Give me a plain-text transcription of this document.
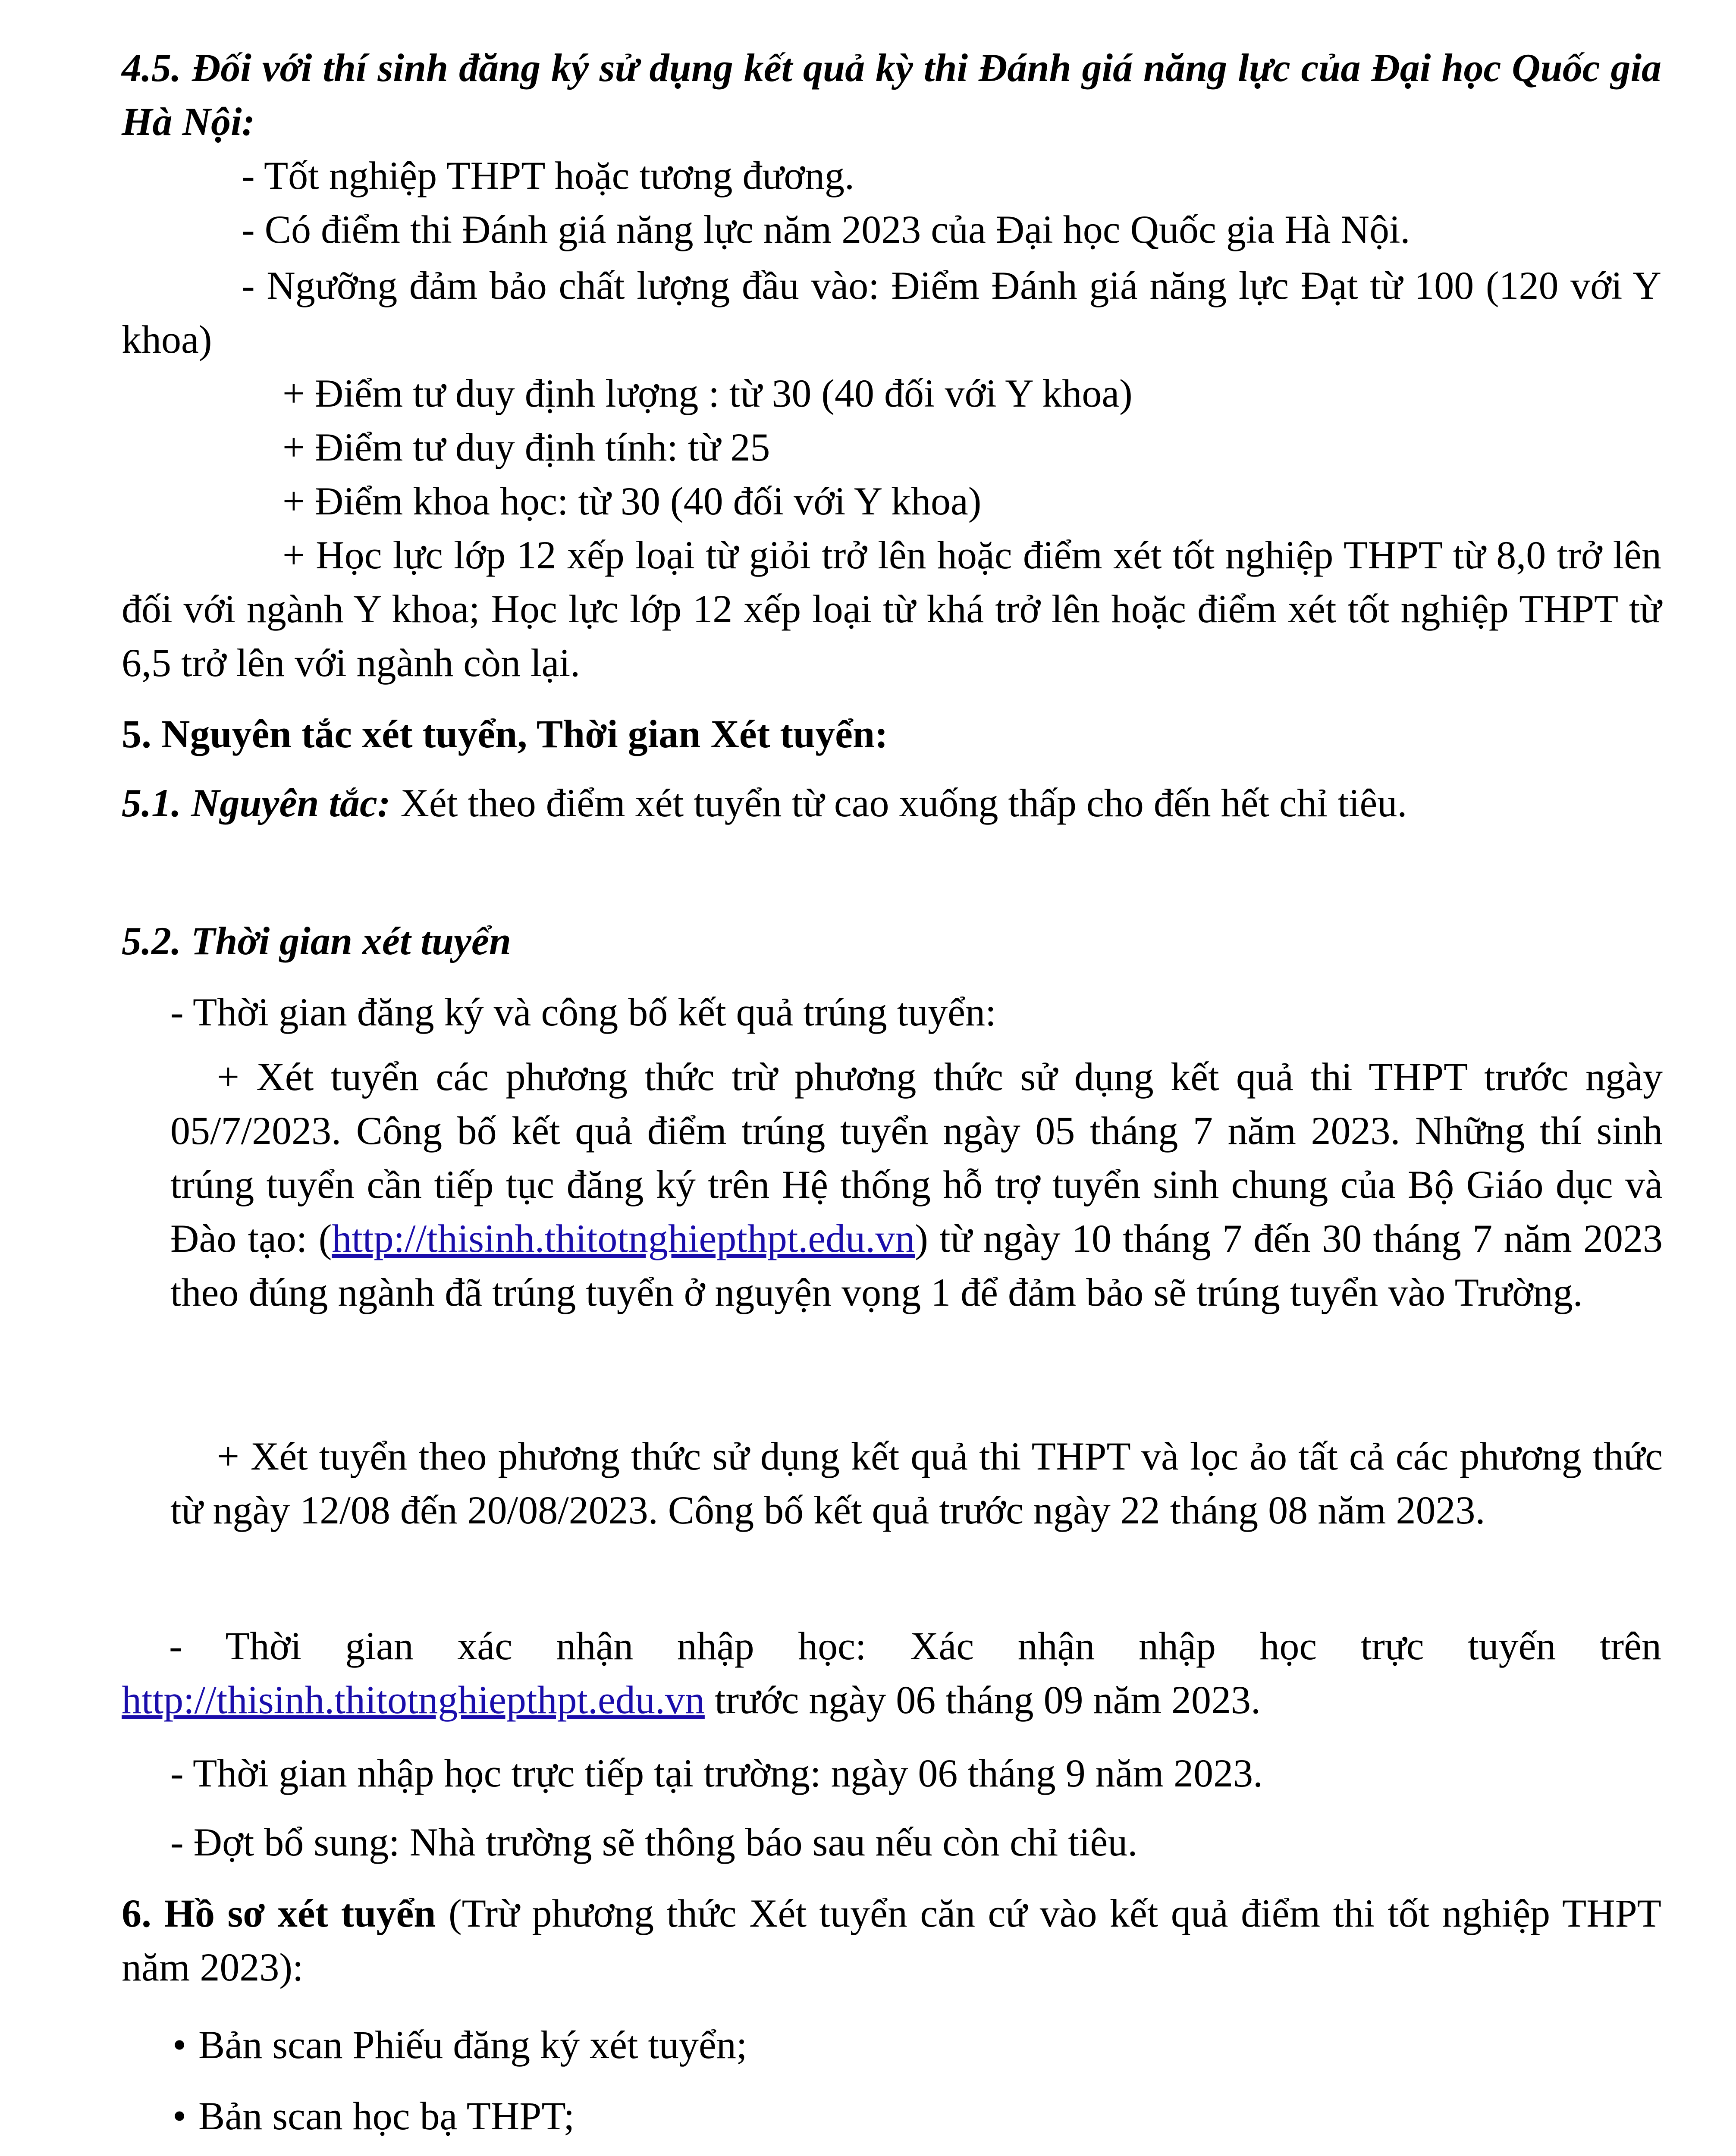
4.5. Đối với thí sinh đăng ký sử dụng kết quả kỳ thi Đánh giá năng lực của Đại học Quốc gia Hà Nội:

- Tốt nghiệp THPT hoặc tương đương.

- Có điểm thi Đánh giá năng lực năm 2023 của Đại học Quốc gia Hà Nội.

- Ngưỡng đảm bảo chất lượng đầu vào: Điểm Đánh giá năng lực Đạt từ 100 (120 với Y khoa)

+ Điểm tư duy định lượng : từ 30 (40 đối với Y khoa)

+ Điểm tư duy định tính: từ 25

+ Điểm khoa học: từ 30 (40 đối với Y khoa)

+ Học lực lớp 12 xếp loại từ giỏi trở lên hoặc điểm xét tốt nghiệp THPT từ 8,0 trở lên đối với ngành Y khoa; Học lực lớp 12 xếp loại từ khá trở lên hoặc điểm xét tốt nghiệp THPT từ 6,5 trở lên với ngành còn lại.

5. Nguyên tắc xét tuyển, Thời gian Xét tuyển:

5.1. Nguyên tắc: Xét theo điểm xét tuyển từ cao xuống thấp cho đến hết chỉ tiêu.

5.2. Thời gian xét tuyển

- Thời gian đăng ký và công bố kết quả trúng tuyển:

+ Xét tuyển các phương thức trừ phương thức sử dụng kết quả thi THPT trước ngày 05/7/2023. Công bố kết quả điểm trúng tuyển ngày 05 tháng 7 năm 2023. Những thí sinh trúng tuyển cần tiếp tục đăng ký trên Hệ thống hỗ trợ tuyển sinh chung của Bộ Giáo dục và Đào tạo: (http://thisinh.thitotnghiepthpt.edu.vn) từ ngày 10 tháng 7 đến 30 tháng 7 năm 2023 theo đúng ngành đã trúng tuyển ở nguyện vọng 1 để đảm bảo sẽ trúng tuyển vào Trường.

+ Xét tuyển theo phương thức sử dụng kết quả thi THPT và lọc ảo tất cả các phương thức từ ngày 12/08 đến 20/08/2023. Công bố kết quả trước ngày 22 tháng 08 năm 2023.

- Thời gian xác nhận nhập học: Xác nhận nhập học trực tuyến trên

http://thisinh.thitotnghiepthpt.edu.vn trước ngày 06 tháng 09 năm 2023.

- Thời gian nhập học trực tiếp tại trường: ngày 06 tháng 9 năm 2023.

- Đợt bổ sung: Nhà trường sẽ thông báo sau nếu còn chỉ tiêu.

6. Hồ sơ xét tuyển (Trừ phương thức Xét tuyển căn cứ vào kết quả điểm thi tốt nghiệp THPT năm 2023):

• Bản scan Phiếu đăng ký xét tuyển;

• Bản scan học bạ THPT;
